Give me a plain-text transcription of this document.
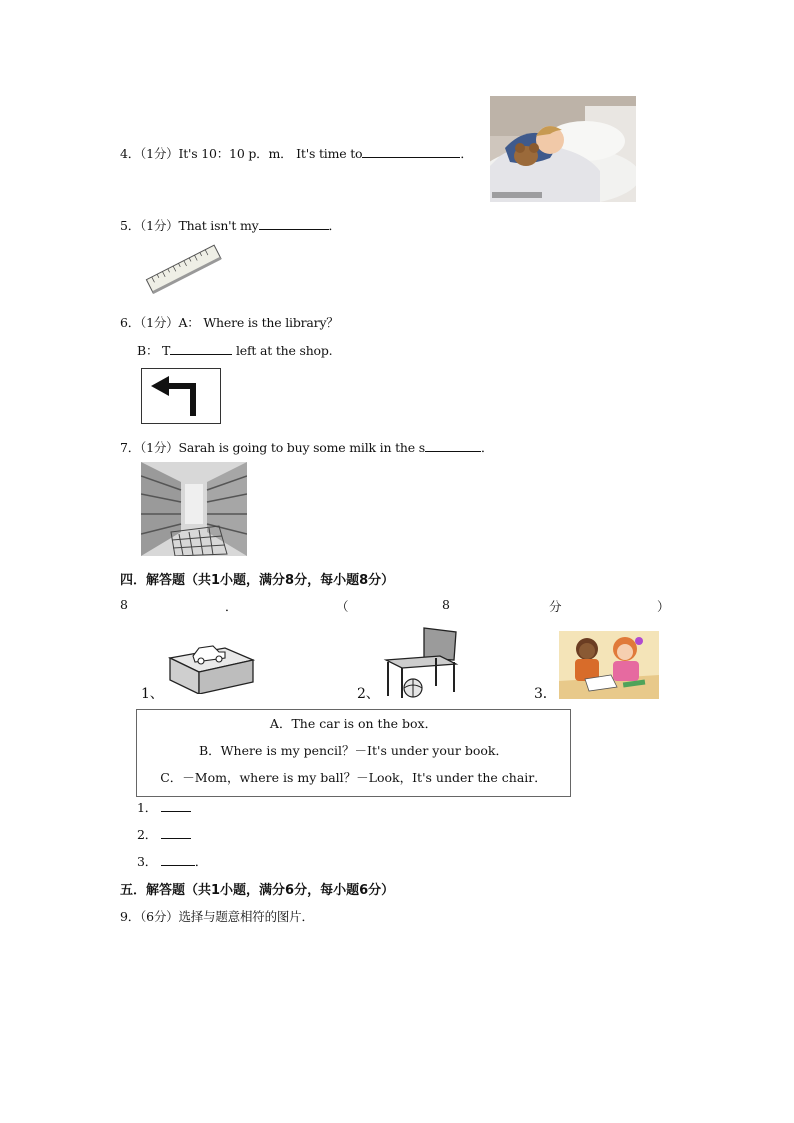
4．（1分）It's 10：10 p．m． It's time to	．
5．（1分）That isn't my	．
6．（1分）A： Where is the library？
B： T	left at the shop.
7．（1分）Sarah is going to buy some milk in the s	．
四．解答题（共1小题，满分8分，每小题8分）
8	．	（	8	分	）
1、	2、	3．

A．The car is on the box．

B．Where is my pencil？－It's under your book．

C．－Mom，where is my ball？－Look，It's under the chair．

1．
2．
3．	．
五．解答题（共1小题，满分6分，每小题6分）
9．（6分）选择与题意相符的图片．
